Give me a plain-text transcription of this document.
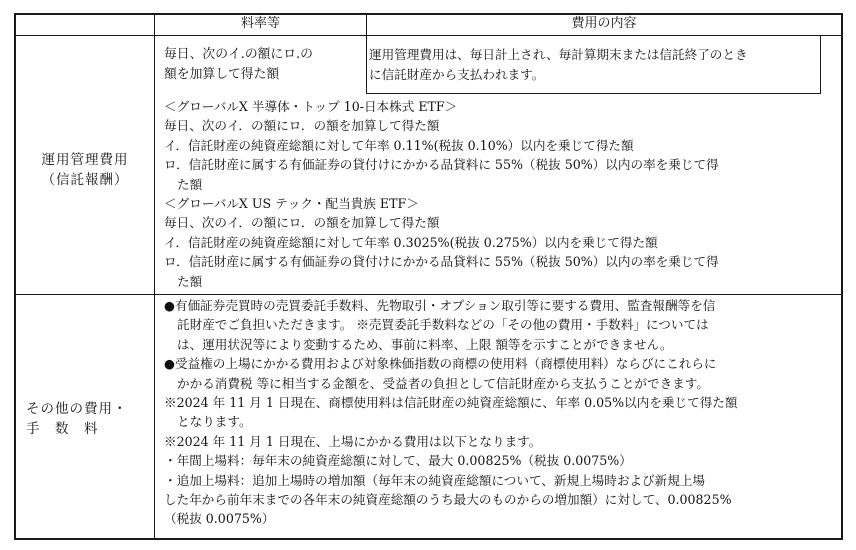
料率等	費用の内容
運用管理費用
（信託報酬）
毎日、次のイ.の額にロ.の
額を加算して得た額
運用管理費用は、毎日計上され、毎計算期末または信託終了のとき
に信託財産から支払われます。
＜グローバルX 半導体・トップ 10-日本株式 ETF＞
毎日、次のイ．の額にロ．の額を加算して得た額
イ．信託財産の純資産総額に対して年率 0.11%(税抜 0.10%）以内を乗じて得た額
ロ．信託財産に属する有価証券の貸付けにかかる品貸料に 55%（税抜 50%）以内の率を乗じて得
た額
＜グローバルX US テック・配当貴族 ETF＞
毎日、次のイ．の額にロ．の額を加算して得た額
イ．信託財産の純資産総額に対して年率 0.3025%(税抜 0.275%）以内を乗じて得た額
ロ．信託財産に属する有価証券の貸付けにかかる品貸料に 55%（税抜 50%）以内の率を乗じて得
た額
その他の費用・
手　数　料
●有価証券売買時の売買委託手数料、先物取引・オプション取引等に要する費用、監査報酬等を信
託財産でご負担いただきます。 ※売買委託手数料などの「その他の費用・手数料」については
は、運用状況等により変動するため、事前に料率、上限 額等を示すことができません。
●受益権の上場にかかる費用および対象株価指数の商標の使用料（商標使用料）ならびにこれらに
かかる消費税 等に相当する金額を、受益者の負担として信託財産から支払うことができます。
※2024 年 11 月 1 日現在、商標使用料は信託財産の純資産総額に、年率 0.05%以内を乗じて得た額
となります。
※2024 年 11 月 1 日現在、上場にかかる費用は以下となります。
・年間上場料：毎年末の純資産総額に対して、最大 0.00825%（税抜 0.0075%）
・追加上場料：追加上場時の増加額（毎年末の純資産総額について、新規上場時および新規上場
した年から前年末までの各年末の純資産総額のうち最大のものからの増加額）に対して、0.00825%
（税抜 0.0075%）
